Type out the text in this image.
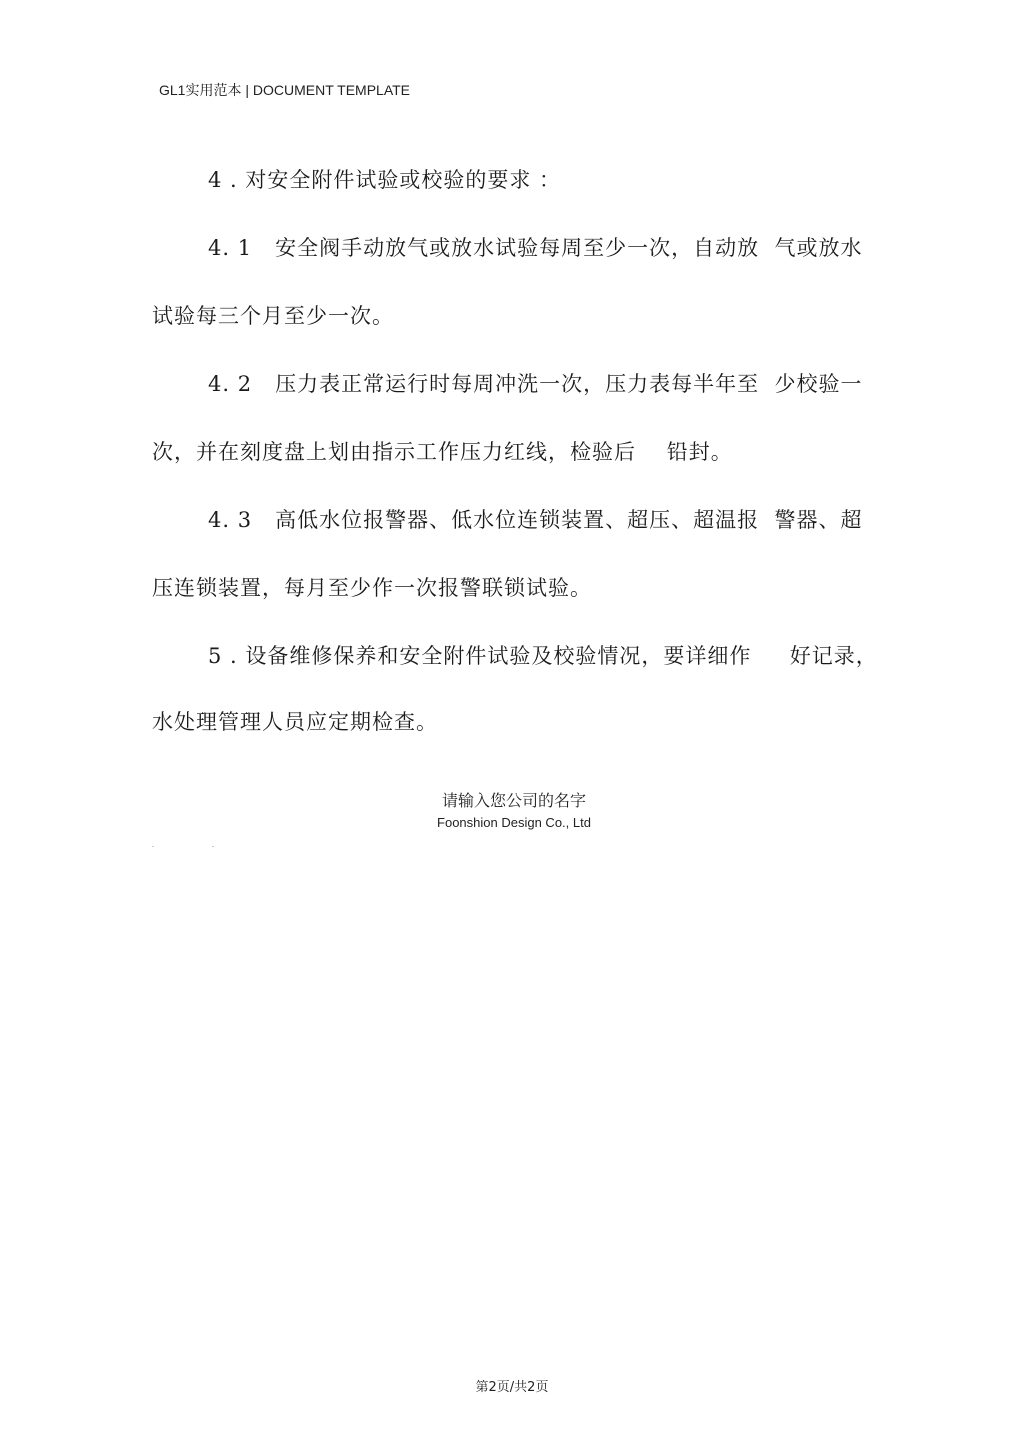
GL1实用范本 | DOCUMENT TEMPLATE
4 . 对安全附件试验或校验的要求 ：
4. 1   安全阀手动放气或放水试验每周至少一次，自动放  气或放水
试验每三个月至少一次。
4. 2   压力表正常运行时每周冲洗一次，压力表每半年至  少校验一
次，并在刻度盘上划由指示工作压力红线，检验后    铅封。
4. 3   高低水位报警器、低水位连锁装置、超压、超温报  警器、超
压连锁装置，每月至少作一次报警联锁试验。
5 . 设备维修保养和安全附件试验及校验情况，要详细作     好记录，
水处理管理人员应定期检查。
请输入您公司的名字
Foonshion Design Co., Ltd
第2页/共2页
